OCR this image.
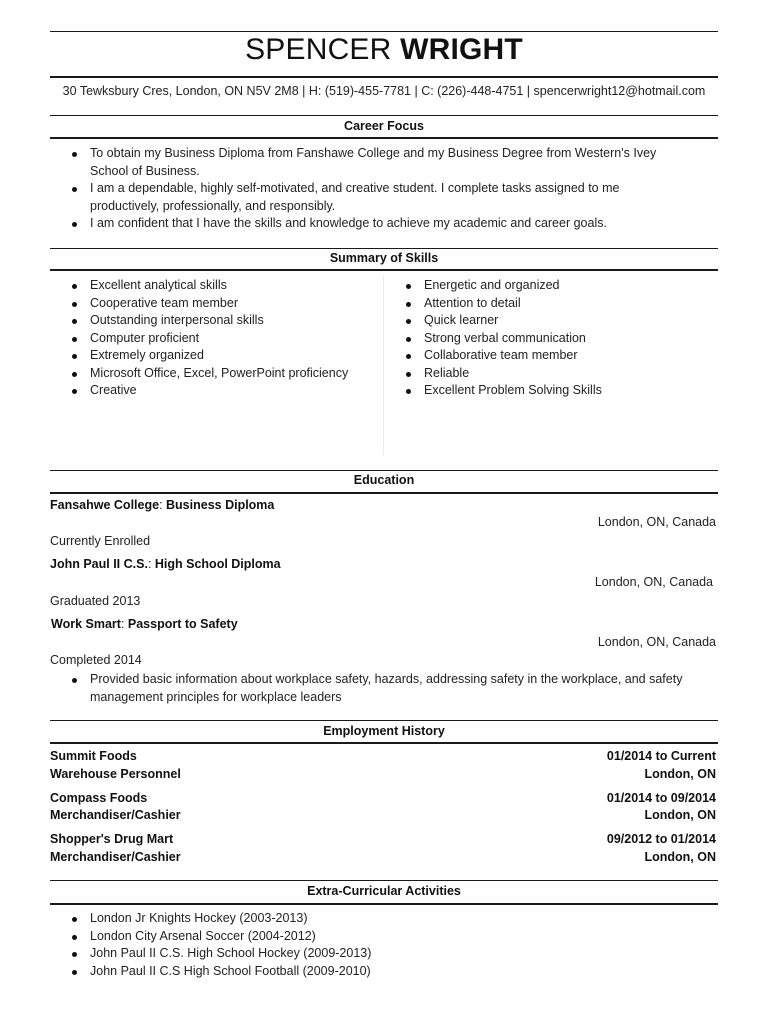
SPENCER WRIGHT
30 Tewksbury Cres, London, ON N5V 2M8 | H: (519)-455-7781 | C: (226)-448-4751 | spencerwright12@hotmail.com
Career Focus
To obtain my Business Diploma from Fanshawe College and my Business Degree from Western's Ivey School of Business.
I am a dependable, highly self-motivated, and creative student. I complete tasks assigned to me productively, professionally, and responsibly.
I am confident that I have the skills and knowledge to achieve my academic and career goals.
Summary of Skills
Excellent analytical skills
Cooperative team member
Outstanding interpersonal skills
Computer proficient
Extremely organized
Microsoft Office, Excel, PowerPoint proficiency
Creative
Energetic and organized
Attention to detail
Quick learner
Strong verbal communication
Collaborative team member
Reliable
Excellent Problem Solving Skills
Education
Fansahwe College: Business Diploma
London, ON, Canada
Currently Enrolled
John Paul II C.S.: High School Diploma
London, ON, Canada
Graduated 2013
Work Smart: Passport to Safety
London, ON, Canada
Completed 2014
Provided basic information about workplace safety, hazards, addressing safety in the workplace, and safety management principles for workplace leaders
Employment History
Summit Foods	01/2014 to Current
Warehouse Personnel	London, ON
Compass Foods	01/2014 to 09/2014
Merchandiser/Cashier	London, ON
Shopper's Drug Mart	09/2012 to 01/2014
Merchandiser/Cashier	London, ON
Extra-Curricular Activities
London Jr Knights Hockey (2003-2013)
London City Arsenal Soccer (2004-2012)
John Paul II C.S. High School Hockey (2009-2013)
John Paul II C.S High School Football (2009-2010)
